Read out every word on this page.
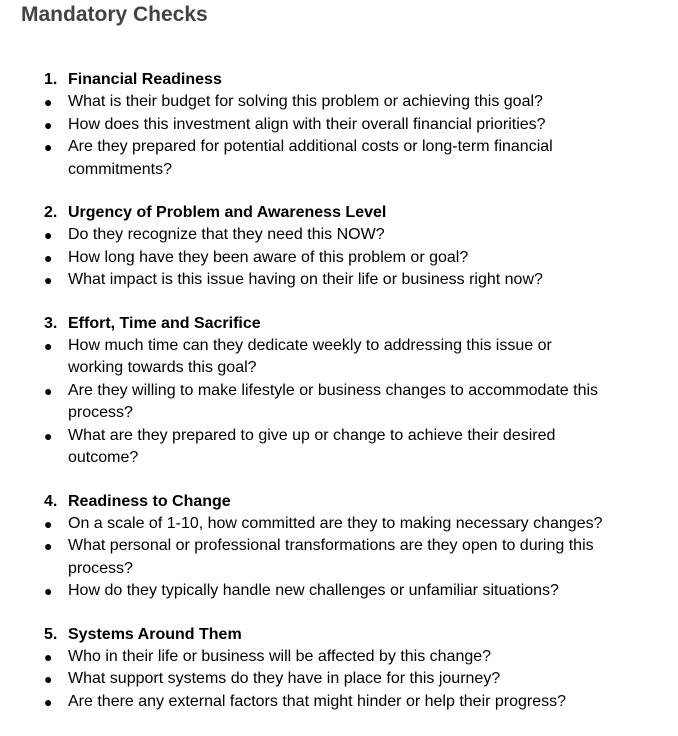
Mandatory Checks
1. Financial Readiness
● What is their budget for solving this problem or achieving this goal?
● How does this investment align with their overall financial priorities?
● Are they prepared for potential additional costs or long-term financial commitments?
2. Urgency of Problem and Awareness Level
● Do they recognize that they need this NOW?
● How long have they been aware of this problem or goal?
● What impact is this issue having on their life or business right now?
3. Effort, Time and Sacrifice
● How much time can they dedicate weekly to addressing this issue or working towards this goal?
● Are they willing to make lifestyle or business changes to accommodate this process?
● What are they prepared to give up or change to achieve their desired outcome?
4. Readiness to Change
● On a scale of 1-10, how committed are they to making necessary changes?
● What personal or professional transformations are they open to during this process?
● How do they typically handle new challenges or unfamiliar situations?
5. Systems Around Them
● Who in their life or business will be affected by this change?
● What support systems do they have in place for this journey?
● Are there any external factors that might hinder or help their progress?
